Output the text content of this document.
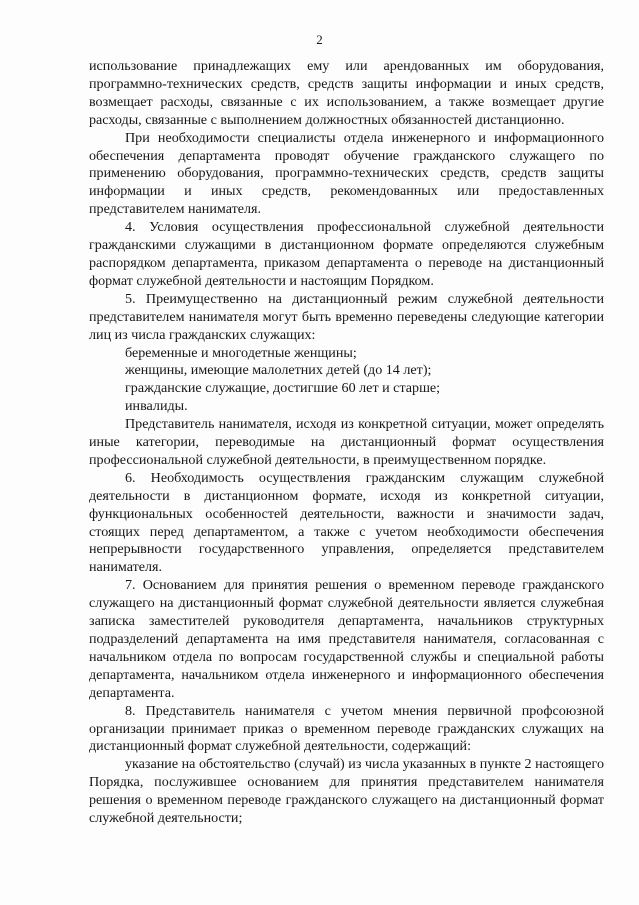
2

использование принадлежащих ему или арендованных им оборудования, программно-технических средств, средств защиты информации и иных средств, возмещает расходы, связанные с их использованием, а также возмещает другие расходы, связанные с выполнением должностных обязанностей дистанционно.

При необходимости специалисты отдела инженерного и информационного обеспечения департамента проводят обучение гражданского служащего по применению оборудования, программно-технических средств, средств защиты информации и иных средств, рекомендованных или предоставленных представителем нанимателя.

4. Условия осуществления профессиональной служебной деятельности гражданскими служащими в дистанционном формате определяются служебным распорядком департамента, приказом департамента о переводе на дистанционный формат служебной деятельности и настоящим Порядком.

5. Преимущественно на дистанционный режим служебной деятельности представителем нанимателя могут быть временно переведены следующие категории лиц из числа гражданских служащих:

беременные и многодетные женщины;

женщины, имеющие малолетних детей (до 14 лет);

гражданские служащие, достигшие 60 лет и старше;

инвалиды.

Представитель нанимателя, исходя из конкретной ситуации, может определять иные категории, переводимые на дистанционный формат осуществления профессиональной служебной деятельности, в преимущественном порядке.

6. Необходимость осуществления гражданским служащим служебной деятельности в дистанционном формате, исходя из конкретной ситуации, функциональных особенностей деятельности, важности и значимости задач, стоящих перед департаментом, а также с учетом необходимости обеспечения непрерывности государственного управления, определяется представителем нанимателя.

7. Основанием для принятия решения о временном переводе гражданского служащего на дистанционный формат служебной деятельности является служебная записка заместителей руководителя департамента, начальников структурных подразделений департамента на имя представителя нанимателя, согласованная с начальником отдела по вопросам государственной службы и специальной работы департамента, начальником отдела инженерного и информационного обеспечения департамента.

8. Представитель нанимателя с учетом мнения первичной профсоюзной организации принимает приказ о временном переводе гражданских служащих на дистанционный формат служебной деятельности, содержащий:

указание на обстоятельство (случай) из числа указанных в пункте 2 настоящего Порядка, послужившее основанием для принятия представителем нанимателя решения о временном переводе гражданского служащего на дистанционный формат служебной деятельности;
